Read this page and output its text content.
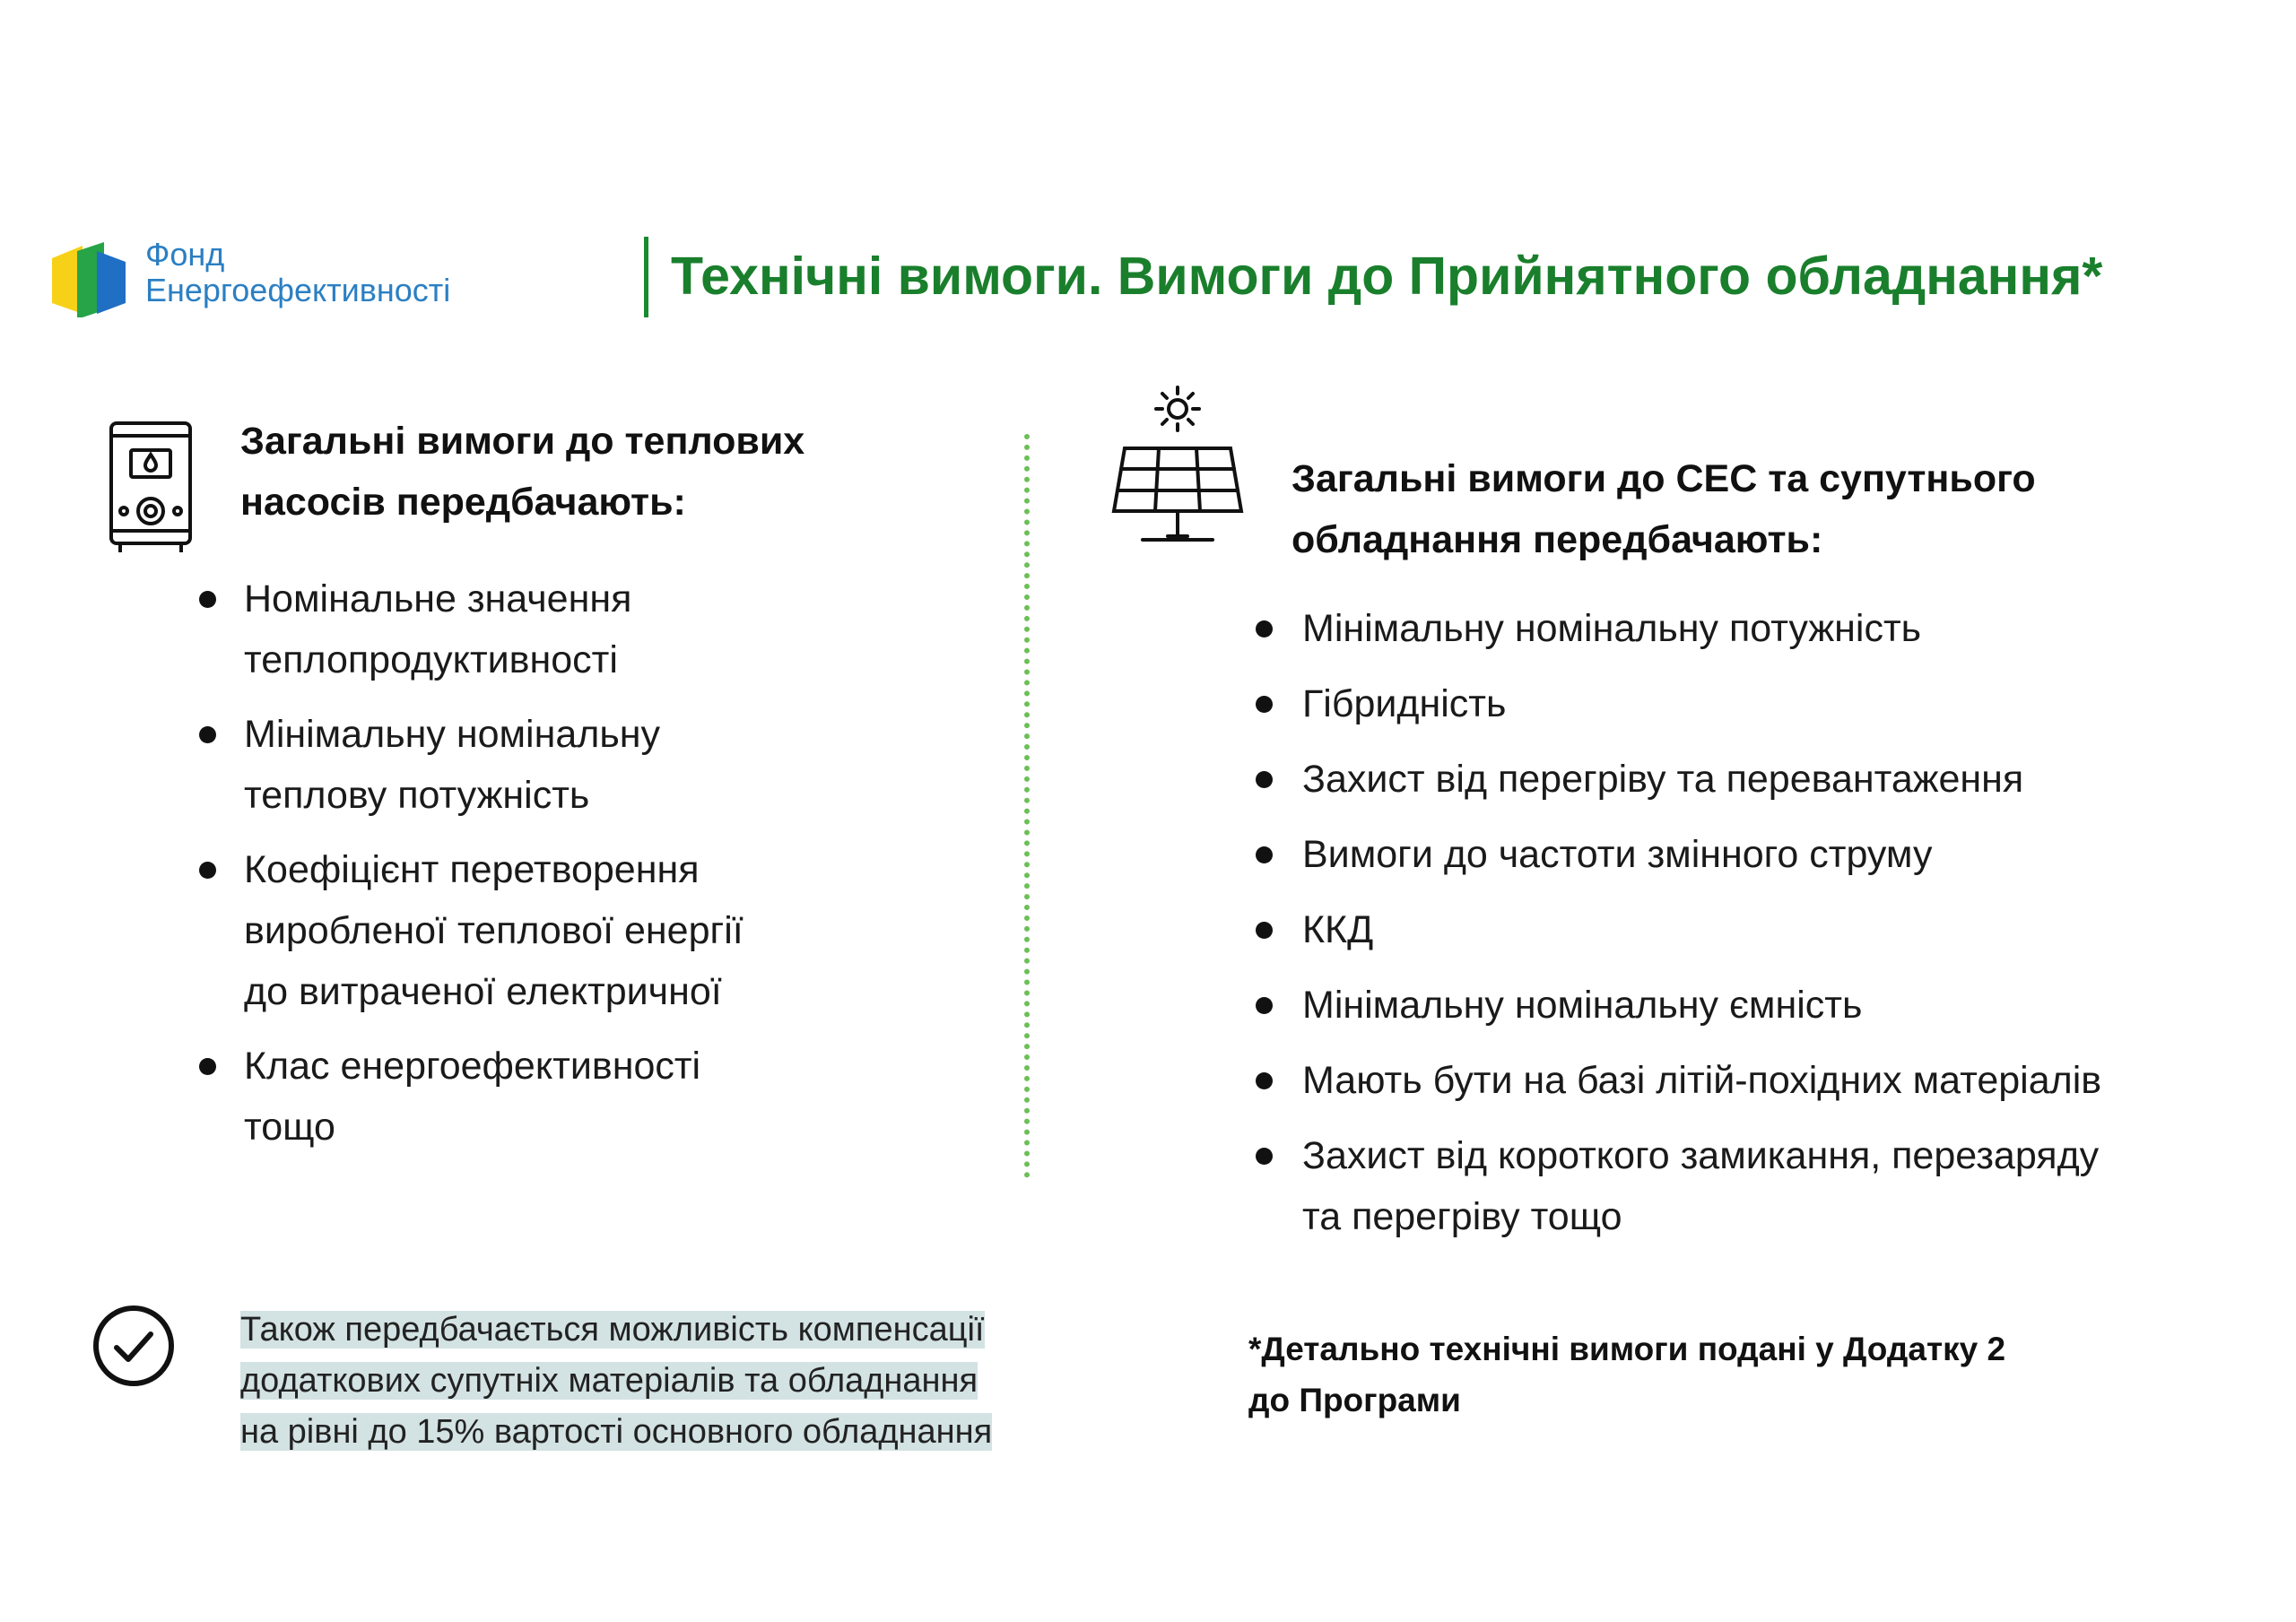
Фонд
Енергоефективності	Технічні вимоги. Вимоги до Прийнятного обладнання*
Загальні вимоги до теплових
насосів передбачають:
Номінальне значення
теплопродуктивності
Мінімальну номінальну
теплову потужність
Коефіцієнт перетворення
виробленої теплової енергії
до витраченої електричної
Клас енергоефективності
тощо
Загальні вимоги до СЕС та супутнього
обладнання передбачають:
Мінімальну номінальну потужність
Гібридність
Захист від перегріву та перевантаження
Вимоги до частоти змінного струму
ККД
Мінімальну номінальну ємність
Мають бути на базі літій-похідних матеріалів
Захист від короткого замикання, перезаряду
та перегріву тощо
Також передбачається можливість компенсації
додаткових супутніх матеріалів та обладнання
на рівні до 15% вартості основного обладнання
*Детально технічні вимоги подані у Додатку 2
до Програми
